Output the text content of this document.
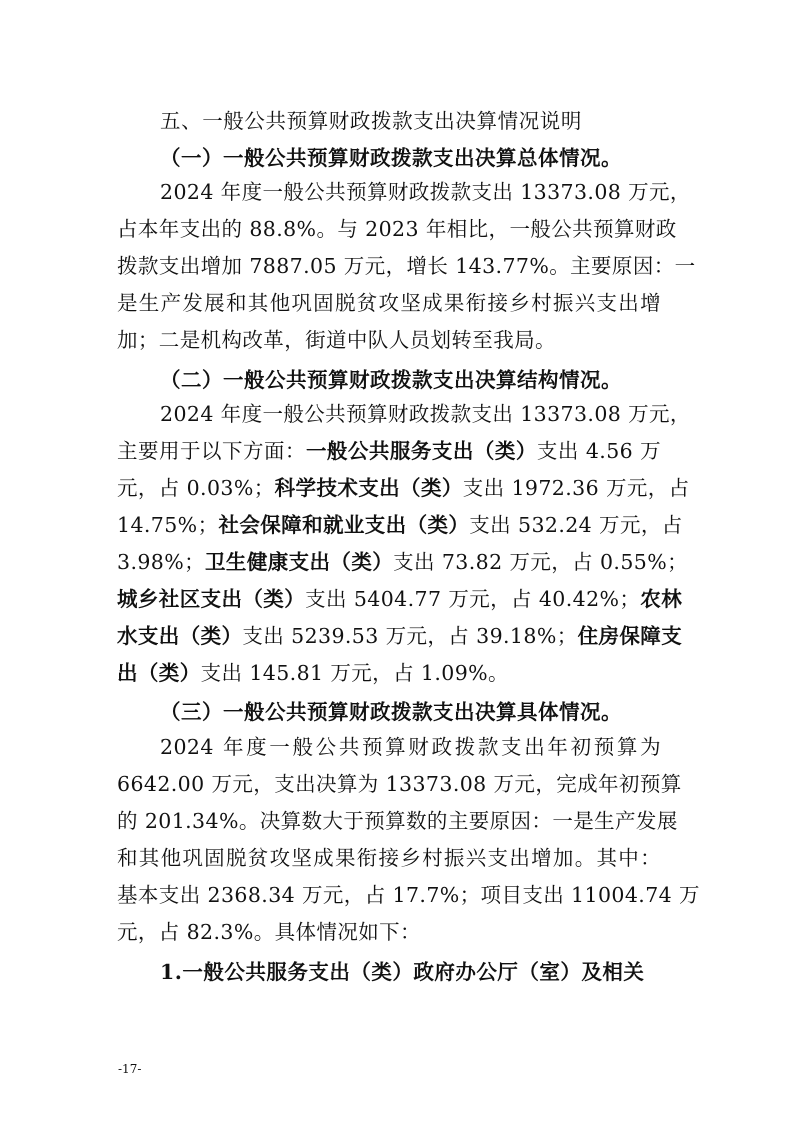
五、一般公共预算财政拨款支出决算情况说明
（一）一般公共预算财政拨款支出决算总体情况。
2024 年度一般公共预算财政拨款支出 13373.08 万元，
占本年支出的 88.8%。与 2023 年相比，一般公共预算财政
拨款支出增加 7887.05 万元，增长 143.77%。主要原因：一
是生产发展和其他巩固脱贫攻坚成果衔接乡村振兴支出增
加；二是机构改革，街道中队人员划转至我局。
（二）一般公共预算财政拨款支出决算结构情况。
2024 年度一般公共预算财政拨款支出 13373.08 万元，
主要用于以下方面：一般公共服务支出（类）支出 4.56 万
元，占 0.03%；科学技术支出（类）支出 1972.36 万元，占
14.75%；社会保障和就业支出（类）支出 532.24 万元，占
3.98%；卫生健康支出（类）支出 73.82 万元，占 0.55%；
城乡社区支出（类）支出 5404.77 万元，占 40.42%；农林
水支出（类）支出 5239.53 万元，占 39.18%；住房保障支
出（类）支出 145.81 万元，占 1.09%。
（三）一般公共预算财政拨款支出决算具体情况。
2024 年度一般公共预算财政拨款支出年初预算为
6642.00 万元，支出决算为 13373.08 万元，完成年初预算
的 201.34%。决算数大于预算数的主要原因：一是生产发展
和其他巩固脱贫攻坚成果衔接乡村振兴支出增加。其中：
基本支出 2368.34 万元，占 17.7%；项目支出 11004.74 万
元，占 82.3%。具体情况如下：
1.一般公共服务支出（类）政府办公厅（室）及相关
-17-
